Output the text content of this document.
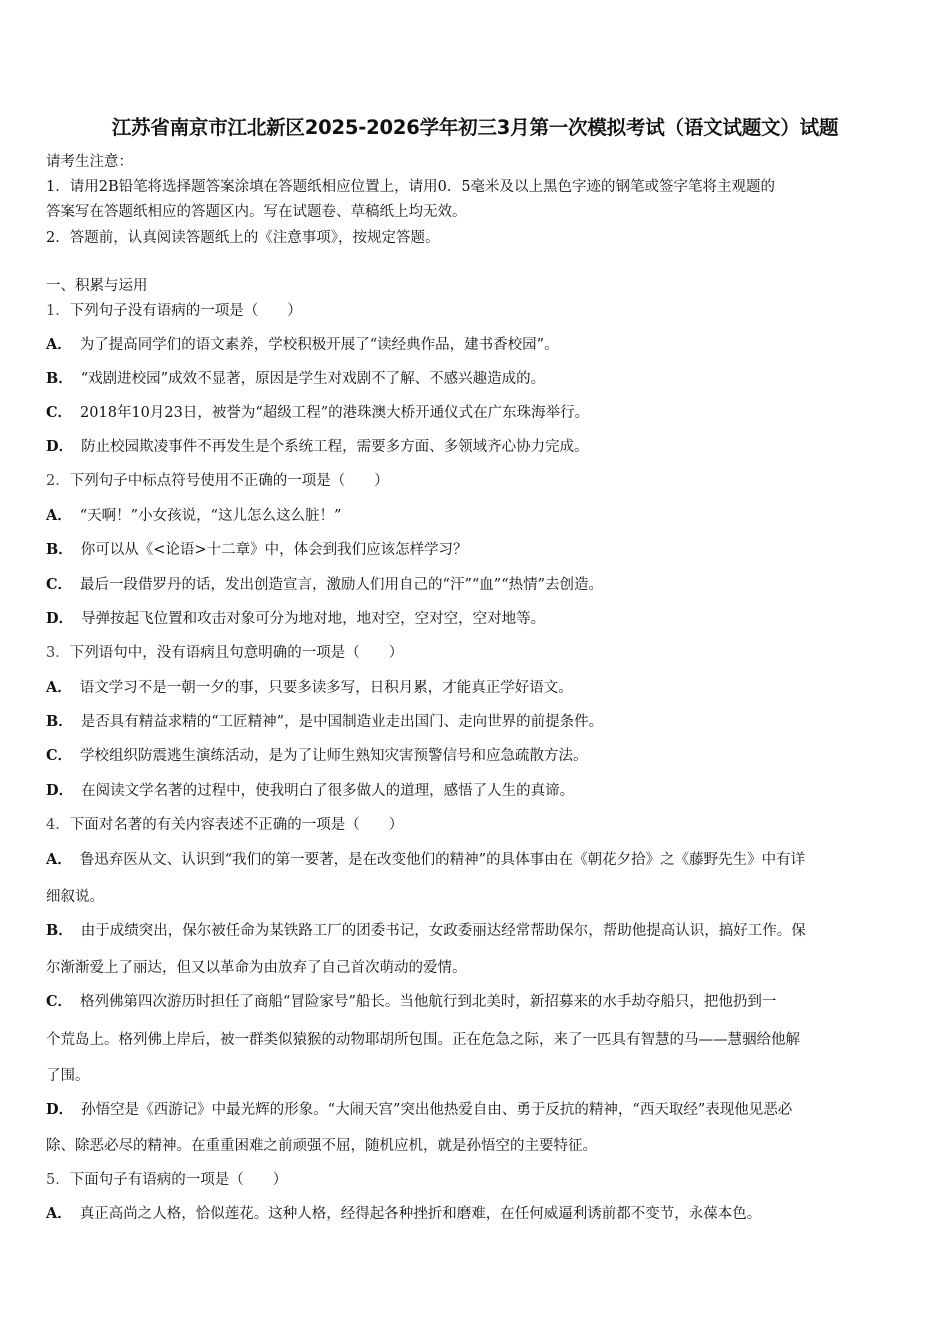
江苏省南京市江北新区2025-2026学年初三3月第一次模拟考试（语文试题文）试题
请考生注意：
1．请用2B铅笔将选择题答案涂填在答题纸相应位置上，请用0．5毫米及以上黑色字迹的钢笔或签字笔将主观题的
答案写在答题纸相应的答题区内。写在试题卷、草稿纸上均无效。
2．答题前，认真阅读答题纸上的《注意事项》，按规定答题。
一、积累与运用
1．下列句子没有语病的一项是（　　）
A． 为了提高同学们的语文素养，学校积极开展了“读经典作品，建书香校园”。
B． “戏剧进校园”成效不显著，原因是学生对戏剧不了解、不感兴趣造成的。
C． 2018年10月23日，被誉为“超级工程”的港珠澳大桥开通仪式在广东珠海举行。
D． 防止校园欺凌事件不再发生是个系统工程，需要多方面、多领域齐心协力完成。
2．下列句子中标点符号使用不正确的一项是（　　）
A． “天啊！”小女孩说，“这儿怎么这么脏！”
B． 你可以从《<论语>十二章》中，体会到我们应该怎样学习？
C． 最后一段借罗丹的话，发出创造宣言，激励人们用自己的“汗”“血”“热情”去创造。
D． 导弹按起飞位置和攻击对象可分为地对地，地对空，空对空，空对地等。
3．下列语句中，没有语病且句意明确的一项是（　　）
A． 语文学习不是一朝一夕的事，只要多读多写，日积月累，才能真正学好语文。
B． 是否具有精益求精的“工匠精神”，是中国制造业走出国门、走向世界的前提条件。
C． 学校组织防震逃生演练活动，是为了让师生熟知灾害预警信号和应急疏散方法。
D． 在阅读文学名著的过程中，使我明白了很多做人的道理，感悟了人生的真谛。
4．下面对名著的有关内容表述不正确的一项是（　　）
A． 鲁迅弃医从文、认识到“我们的第一要著，是在改变他们的精神”的具体事由在《朝花夕拾》之《藤野先生》中有详
细叙说。
B． 由于成绩突出，保尔被任命为某铁路工厂的团委书记，女政委丽达经常帮助保尔，帮助他提高认识，搞好工作。保
尔渐渐爱上了丽达，但又以革命为由放弃了自己首次萌动的爱情。
C． 格列佛第四次游历时担任了商船“冒险家号”船长。当他航行到北美时，新招募来的水手劫夺船只，把他扔到一
个荒岛上。格列佛上岸后，被一群类似猿猴的动物耶胡所包围。正在危急之际，来了一匹具有智慧的马——慧骃给他解
了围。
D． 孙悟空是《西游记》中最光辉的形象。“大闹天宫”突出他热爱自由、勇于反抗的精神，“西天取经”表现他见恶必
除、除恶必尽的精神。在重重困难之前顽强不屈，随机应机，就是孙悟空的主要特征。
5．下面句子有语病的一项是（　　）
A． 真正高尚之人格，恰似莲花。这种人格，经得起各种挫折和磨难，在任何威逼利诱前都不变节，永葆本色。
